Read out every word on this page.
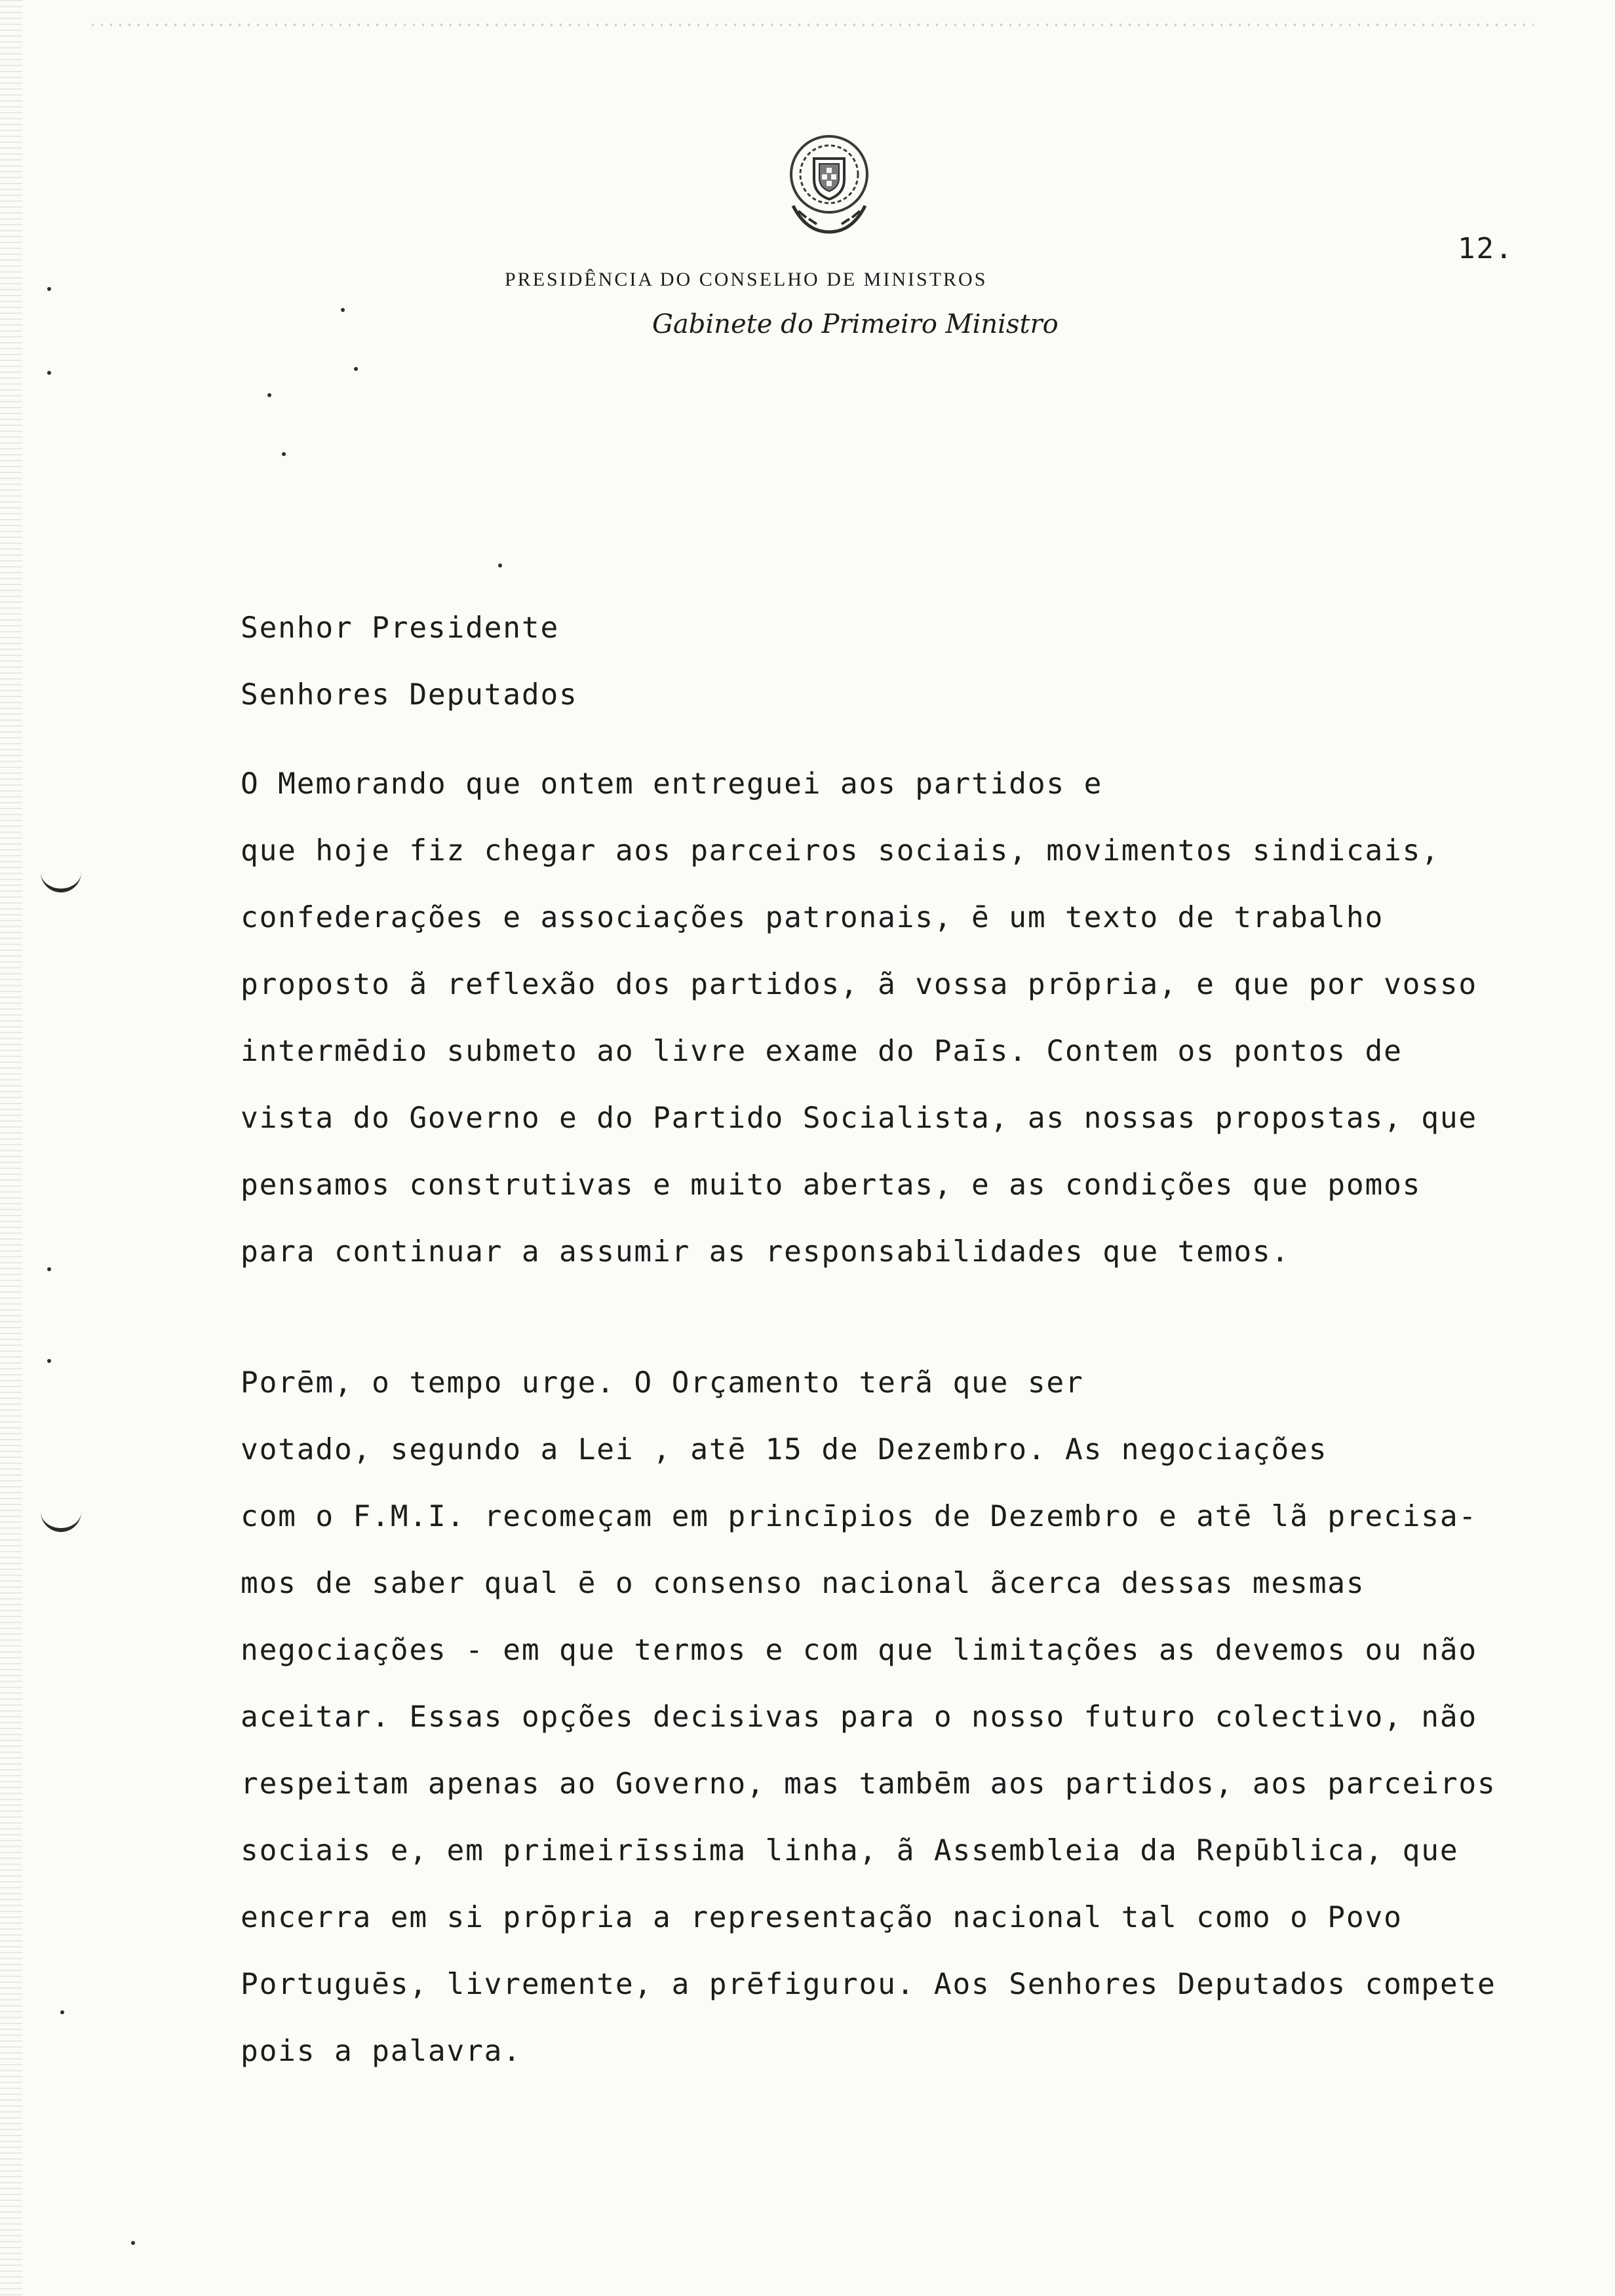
12.
PRESIDÊNCIA DO CONSELHO DE MINISTROS
Gabinete do Primeiro Ministro

Senhor Presidente

Senhores Deputados

O Memorando que ontem entreguei aos partidos e
que hoje fiz chegar aos parceiros sociais, movimentos sindicais,
confederações e associações patronais, ē um texto de trabalho
proposto ã reflexão dos partidos, ã vossa prōpria, e que por vosso
intermēdio submeto ao livre exame do Paīs. Contem os pontos de
vista do Governo e do Partido Socialista, as nossas propostas, que
pensamos construtivas e muito abertas, e as condições que pomos
para continuar a assumir as responsabilidades que temos.

Porēm, o tempo urge. O Orçamento terã que ser
votado, segundo a Lei , atē 15 de Dezembro. As negociações
com o F.M.I. recomeçam em princīpios de Dezembro e atē lã precisa-
mos de saber qual ē o consenso nacional ãcerca dessas mesmas
negociações - em que termos e com que limitações as devemos ou não
aceitar. Essas opções decisivas para o nosso futuro colectivo, não
respeitam apenas ao Governo, mas tambēm aos partidos, aos parceiros
sociais e, em primeirīssima linha, ã Assembleia da Repūblica, que
encerra em si prōpria a representação nacional tal como o Povo
Portuguēs, livremente, a prēfigurou. Aos Senhores Deputados compete
pois a palavra.
